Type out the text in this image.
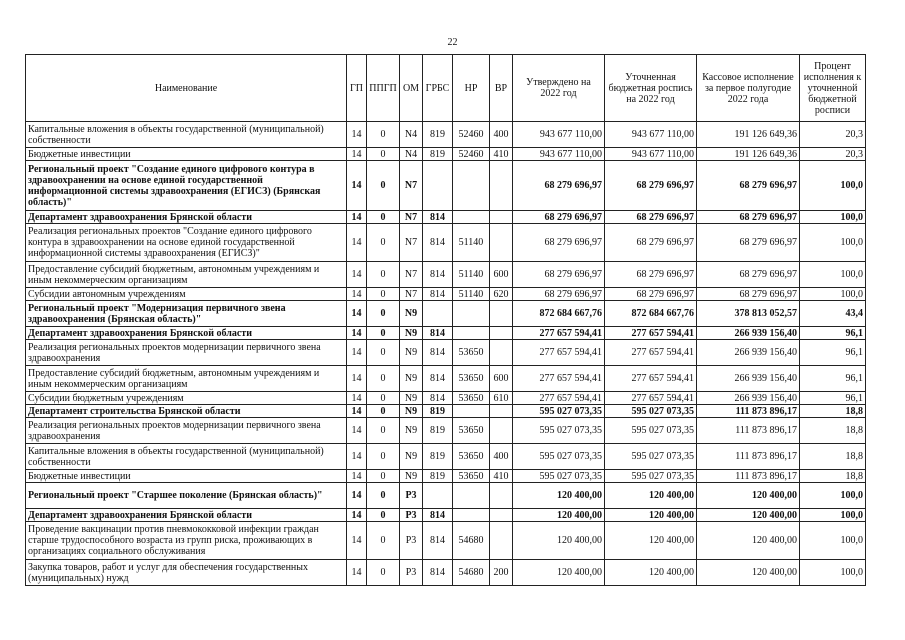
22
Наименование	ГП	ППГП	ОМ	ГРБС	НР	ВР	Утверждено на 2022 год	Уточненная бюджетная роспись на 2022 год	Кассовое исполнение за первое полугодие 2022 года	Процент исполнения к уточненной бюджетной росписи
Капитальные вложения в объекты государственной (муниципальной) собственности	14	0	N4	819	52460	400	943 677 110,00	943 677 110,00	191 126 649,36	20,3
Бюджетные инвестиции	14	0	N4	819	52460	410	943 677 110,00	943 677 110,00	191 126 649,36	20,3
Региональный проект "Создание единого цифрового контура в здравоохранении на основе единой государственной информационной системы здравоохранения (ЕГИСЗ) (Брянская область)"	14	0	N7				68 279 696,97	68 279 696,97	68 279 696,97	100,0
Департамент здравоохранения Брянской области	14	0	N7	814			68 279 696,97	68 279 696,97	68 279 696,97	100,0
Реализация региональных проектов "Создание единого цифрового контура в здравоохранении на основе единой государственной информационной системы здравоохранения (ЕГИСЗ)"	14	0	N7	814	51140		68 279 696,97	68 279 696,97	68 279 696,97	100,0
Предоставление субсидий бюджетным, автономным учреждениям и иным некоммерческим организациям	14	0	N7	814	51140	600	68 279 696,97	68 279 696,97	68 279 696,97	100,0
Субсидии автономным учреждениям	14	0	N7	814	51140	620	68 279 696,97	68 279 696,97	68 279 696,97	100,0
Региональный проект "Модернизация первичного звена здравоохранения (Брянская область)"	14	0	N9				872 684 667,76	872 684 667,76	378 813 052,57	43,4
Департамент здравоохранения Брянской области	14	0	N9	814			277 657 594,41	277 657 594,41	266 939 156,40	96,1
Реализация региональных проектов модернизации первичного звена здравоохранения	14	0	N9	814	53650		277 657 594,41	277 657 594,41	266 939 156,40	96,1
Предоставление субсидий бюджетным, автономным учреждениям и иным некоммерческим организациям	14	0	N9	814	53650	600	277 657 594,41	277 657 594,41	266 939 156,40	96,1
Субсидии бюджетным учреждениям	14	0	N9	814	53650	610	277 657 594,41	277 657 594,41	266 939 156,40	96,1
Департамент строительства Брянской области	14	0	N9	819			595 027 073,35	595 027 073,35	111 873 896,17	18,8
Реализация региональных проектов модернизации первичного звена здравоохранения	14	0	N9	819	53650		595 027 073,35	595 027 073,35	111 873 896,17	18,8
Капитальные вложения в объекты государственной (муниципальной) собственности	14	0	N9	819	53650	400	595 027 073,35	595 027 073,35	111 873 896,17	18,8
Бюджетные инвестиции	14	0	N9	819	53650	410	595 027 073,35	595 027 073,35	111 873 896,17	18,8
Региональный проект "Старшее поколение (Брянская область)"	14	0	P3				120 400,00	120 400,00	120 400,00	100,0
Департамент здравоохранения Брянской области	14	0	P3	814			120 400,00	120 400,00	120 400,00	100,0
Проведение вакцинации против пневмококковой инфекции граждан старше трудоспособного возраста из групп риска, проживающих в организациях социального обслуживания	14	0	P3	814	54680		120 400,00	120 400,00	120 400,00	100,0
Закупка товаров, работ и услуг для обеспечения государственных (муниципальных) нужд	14	0	P3	814	54680	200	120 400,00	120 400,00	120 400,00	100,0
